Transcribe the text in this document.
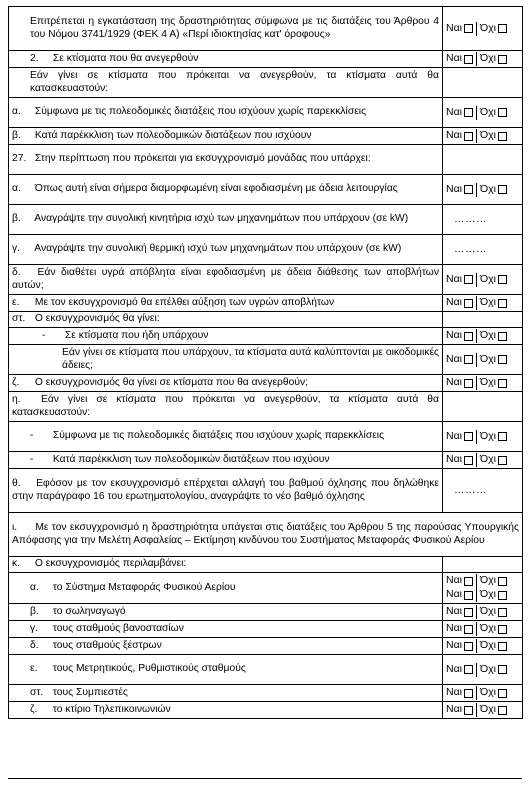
Επιτρέπεται η εγκατάσταση της δραστηριότητας σύμφωνα με τις διατάξεις του Άρθρου 4 του Νόμου 3741/1929 (ΦΕΚ 4 Α) «Περί ιδιοκτησίας κατ' όροφους»	Ναι Όχι

2. Σε κτίσματα που θα ανεγερθούν	Ναι Όχι

Εάν γίνει σε κτίσματα που πρόκειται να ανεγερθούν, τα κτίσματα αυτά θα κατασκευαστούν:	

α. Σύμφωνα με τις πολεοδομικές διατάξεις που ισχύουν χωρίς παρεκκλίσεις	Ναι Όχι

β. Κατά παρέκκλιση των πολεοδομικών διατάξεων που ισχύουν	Ναι Όχι

27. Στην περίπτωση που πρόκειται για εκσυγχρονισμό μονάδας που υπάρχει:	

α. Όπως αυτή είναι σήμερα διαμορφωμένη είναι εφοδιασμένη με άδεια λειτουργίας	Ναι Όχι

β. Αναγράψτε την συνολική κινητήρια ισχύ των μηχανημάτων που υπάρχουν (σε kW)	………

γ. Αναγράψτε την συνολική θερμική ισχύ των μηχανημάτων που υπάρχουν (σε kW)	………

δ. Εάν διαθέτει υγρά απόβλητα είναι εφοδιασμένη με άδεια διάθεσης των αποβλήτων αυτών;	Ναι Όχι

ε. Με τον εκσυγχρονισμό θα επέλθει αύξηση των υγρών αποβλήτων	Ναι Όχι

στ. Ο εκσυγχρονισμός θα γίνει:	

- Σε κτίσματα που ήδη υπάρχουν	Ναι Όχι

Εάν γίνει σε κτίσματα που υπάρχουν, τα κτίσματα αυτά καλύπτονται με οικοδομικές άδειες;	Ναι Όχι

ζ. Ο εκσυγχρονισμός θα γίνει σε κτίσματα που θα ανεγερθούν;	Ναι Όχι

η. Εάν γίνει σε κτίσματα που πρόκειται να ανεγερθούν, τα κτίσματα αυτά θα κατασκευαστούν:	

- Σύμφωνα με τις πολεοδομικές διατάξεις που ισχύουν χωρίς παρεκκλίσεις	Ναι Όχι

- Κατά παρέκκλιση των πολεοδομικών διατάξεων που ισχύουν	Ναι Όχι

θ. Εφόσον με τον εκσυγχρονισμό επέρχεται αλλαγή του βαθμού όχλησης που δηλώθηκε στην παράγραφο 16 του ερωτηματολογίου, αναγράψτε το νέο βαθμό όχλησης	………

ι. Με τον εκσυγχρονισμό η δραστηριότητα υπάγεται στις διατάξεις του Άρθρου 5 της παρούσας Υπουργικής Απόφασης για την Μελέτη Ασφαλείας – Εκτίμηση κινδύνου του Συστήματος Μεταφοράς Φυσικού Αερίου	

κ. Ο εκσυγχρονισμός περιλαμβάνει:	

α. το Σύστημα Μεταφοράς Φυσικού Αερίου	Ναι Όχι
Ναι Όχι

β. το σωληναγωγό	Ναι Όχι

γ. τους σταθμούς βανοστασίων	Ναι Όχι

δ. τους σταθμούς ξέστρων	Ναι Όχι

ε. τους Μετρητικούς, Ρυθμιστικούς σταθμούς	Ναι Όχι

στ. τους Συμπιεστές	Ναι Όχι

ζ. το κτίριο Τηλεπικοινωνιών	Ναι Όχι
